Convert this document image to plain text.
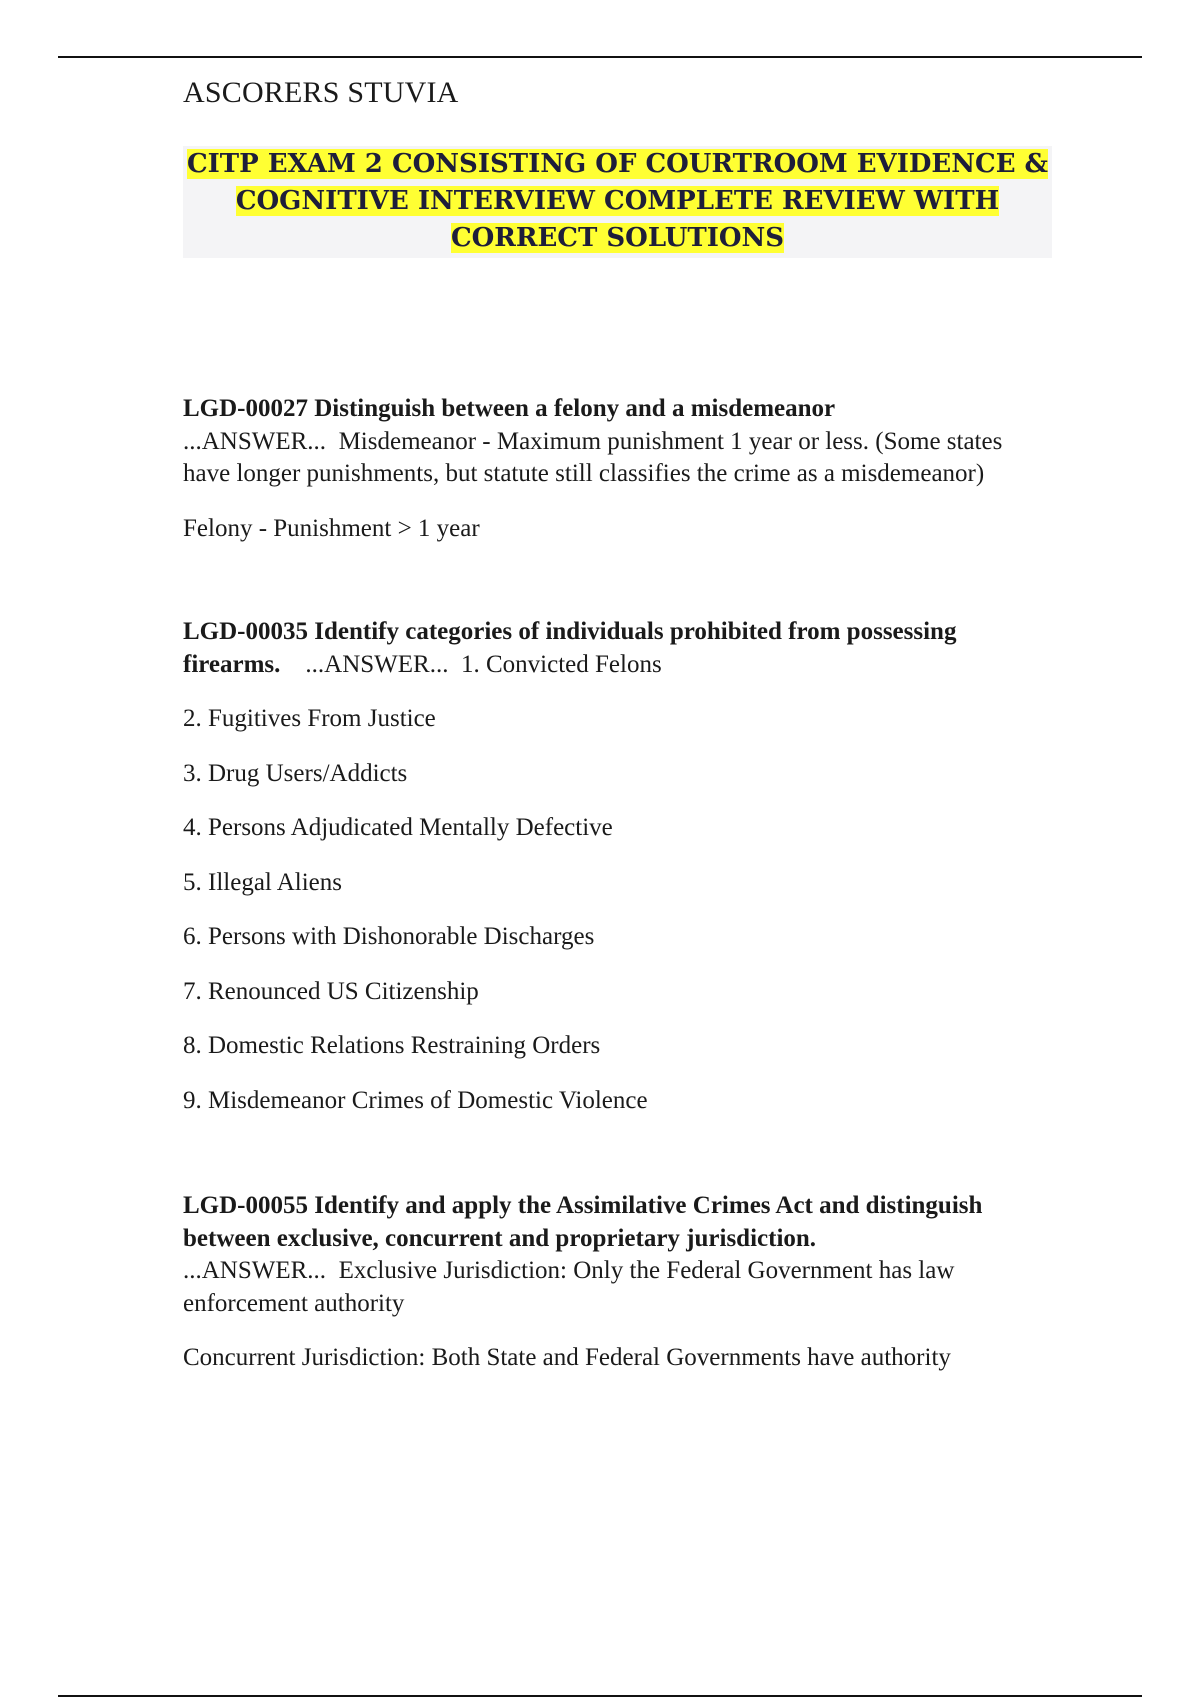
ASCORERS STUVIA
CITP EXAM 2 CONSISTING OF COURTROOM EVIDENCE &
COGNITIVE INTERVIEW COMPLETE REVIEW WITH
CORRECT SOLUTIONS

LGD-00027 Distinguish between a felony and a misdemeanor    ...ANSWER... Misdemeanor - Maximum punishment 1 year or less. (Some states have longer punishments, but statute still classifies the crime as a misdemeanor)

Felony - Punishment > 1 year

LGD-00035 Identify categories of individuals prohibited from possessing firearms. ...ANSWER... 1. Convicted Felons

2. Fugitives From Justice

3. Drug Users/Addicts

4. Persons Adjudicated Mentally Defective

5. Illegal Aliens

6. Persons with Dishonorable Discharges

7. Renounced US Citizenship

8. Domestic Relations Restraining Orders

9. Misdemeanor Crimes of Domestic Violence

LGD-00055 Identify and apply the Assimilative Crimes Act and distinguish between exclusive, concurrent and proprietary jurisdiction.
...ANSWER... Exclusive Jurisdiction: Only the Federal Government has law enforcement authority

Concurrent Jurisdiction: Both State and Federal Governments have authority
